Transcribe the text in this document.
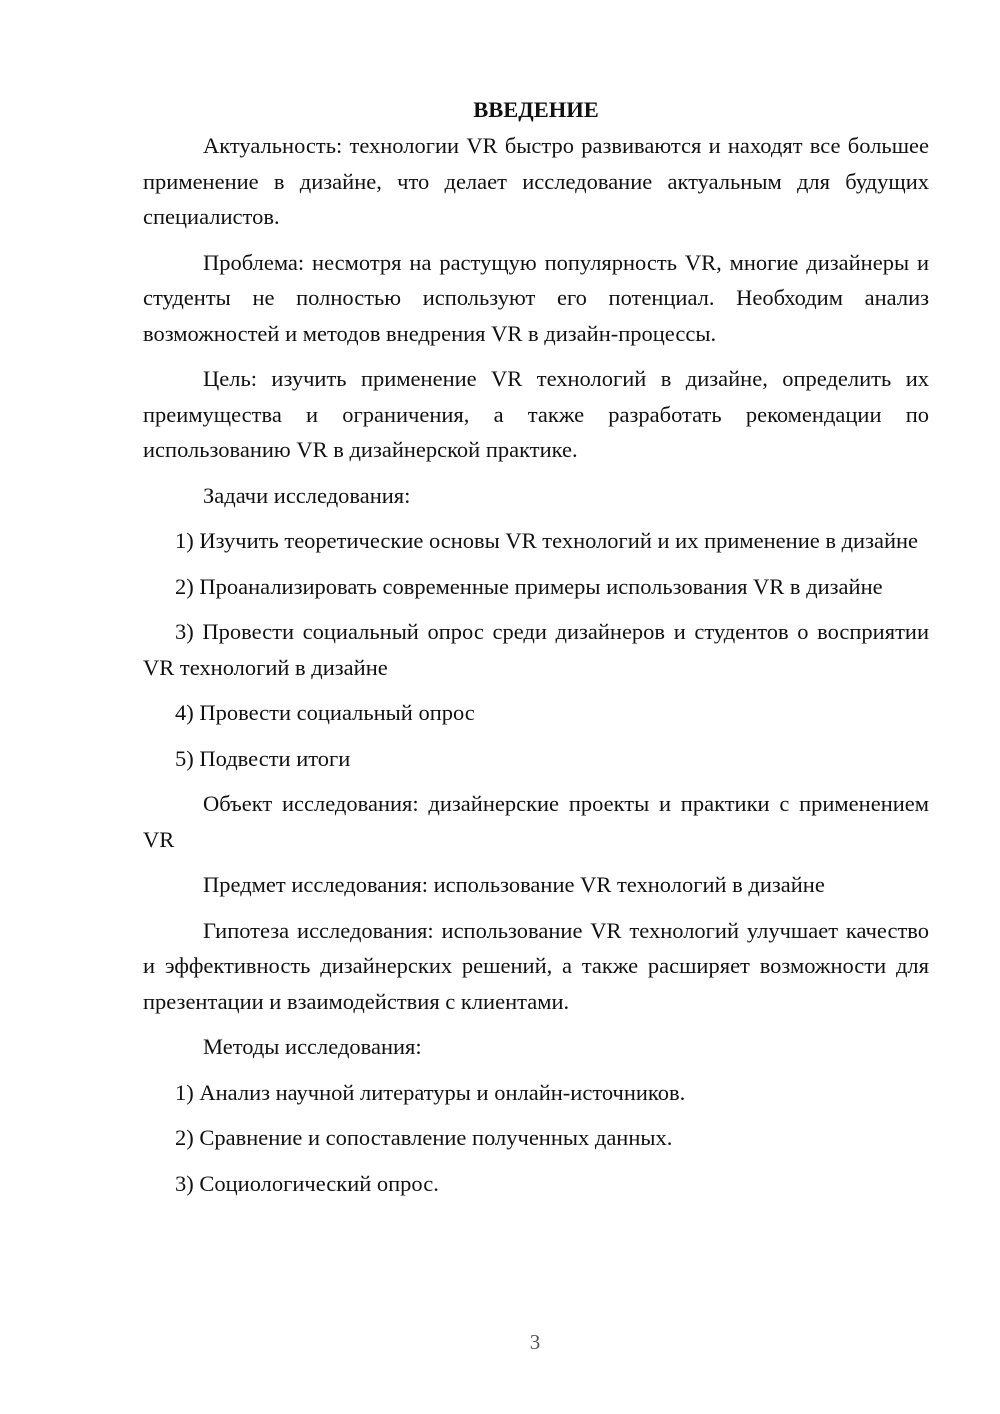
ВВЕДЕНИЕ

Актуальность: технологии VR быстро развиваются и находят все большее применение в дизайне, что делает исследование актуальным для будущих специалистов.

Проблема: несмотря на растущую популярность VR, многие дизайнеры и студенты не полностью используют его потенциал. Необходим анализ возможностей и методов внедрения VR в дизайн-процессы.

Цель: изучить применение VR технологий в дизайне, определить их преимущества и ограничения, а также разработать рекомендации по использованию VR в дизайнерской практике.

Задачи исследования:

1) Изучить теоретические основы VR технологий и их применение в дизайне

2) Проанализировать современные примеры использования VR в дизайне

3) Провести социальный опрос среди дизайнеров и студентов о восприятии VR технологий в дизайне

4) Провести социальный опрос

5) Подвести итоги

Объект исследования: дизайнерские проекты и практики с применением VR

Предмет исследования: использование VR технологий в дизайне

Гипотеза исследования: использование VR технологий улучшает качество и эффективность дизайнерских решений, а также расширяет возможности для презентации и взаимодействия с клиентами.

Методы исследования:

1) Анализ научной литературы и онлайн-источников.

2) Сравнение и сопоставление полученных данных.

3) Социологический опрос.

3
